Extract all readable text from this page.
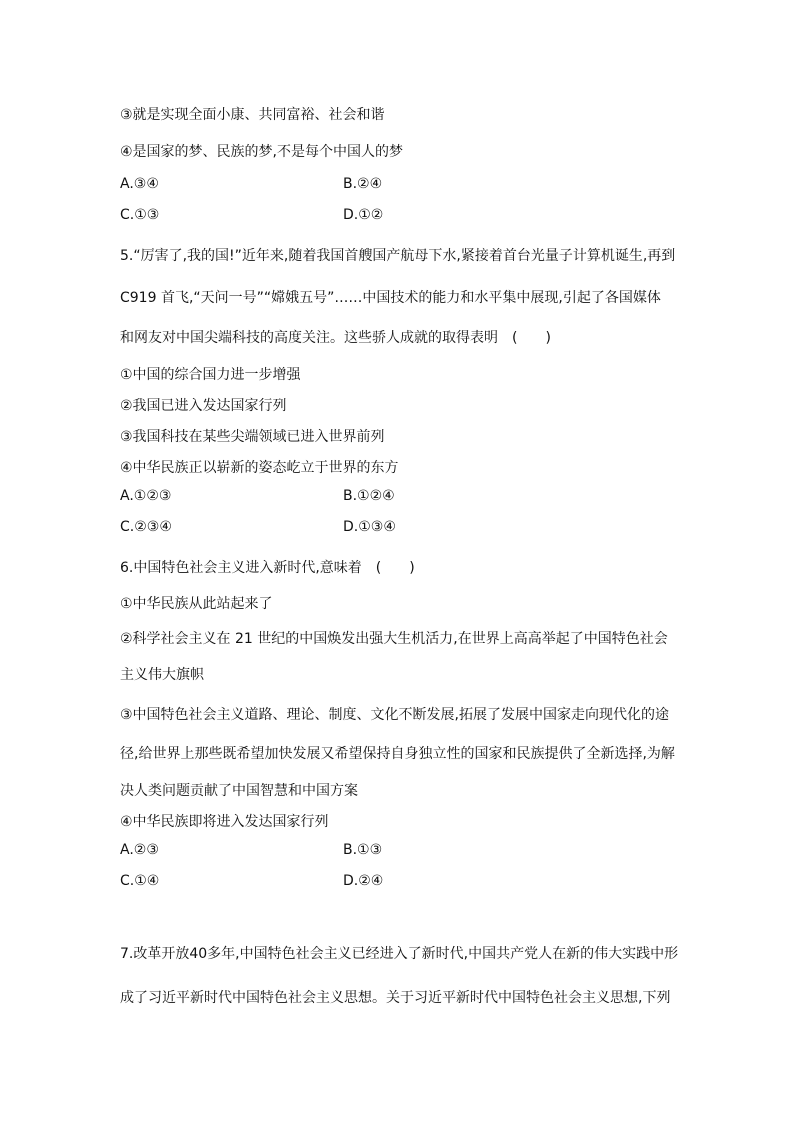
③就是实现全面小康、共同富裕、社会和谐
④是国家的梦、民族的梦,不是每个中国人的梦
A.③④	B.②④
C.①③	D.①②
5.“厉害了,我的国!”近年来,随着我国首艘国产航母下水,紧接着首台光量子计算机诞生,再到
C919 首飞,“天问一号”“嫦娥五号”……中国技术的能力和水平集中展现,引起了各国媒体
和网友对中国尖端科技的高度关注。这些骄人成就的取得表明　(　　)
①中国的综合国力进一步增强
②我国已进入发达国家行列
③我国科技在某些尖端领域已进入世界前列
④中华民族正以崭新的姿态屹立于世界的东方
A.①②③	B.①②④
C.②③④	D.①③④
6.中国特色社会主义进入新时代,意味着　(　　)
①中华民族从此站起来了
②科学社会主义在 21 世纪的中国焕发出强大生机活力,在世界上高高举起了中国特色社会
主义伟大旗帜
③中国特色社会主义道路、理论、制度、文化不断发展,拓展了发展中国家走向现代化的途
径,给世界上那些既希望加快发展又希望保持自身独立性的国家和民族提供了全新选择,为解
决人类问题贡献了中国智慧和中国方案
④中华民族即将进入发达国家行列
A.②③	B.①③
C.①④	D.②④
7.改革开放40多年,中国特色社会主义已经进入了新时代,中国共产党人在新的伟大实践中形
成了习近平新时代中国特色社会主义思想。关于习近平新时代中国特色社会主义思想,下列
